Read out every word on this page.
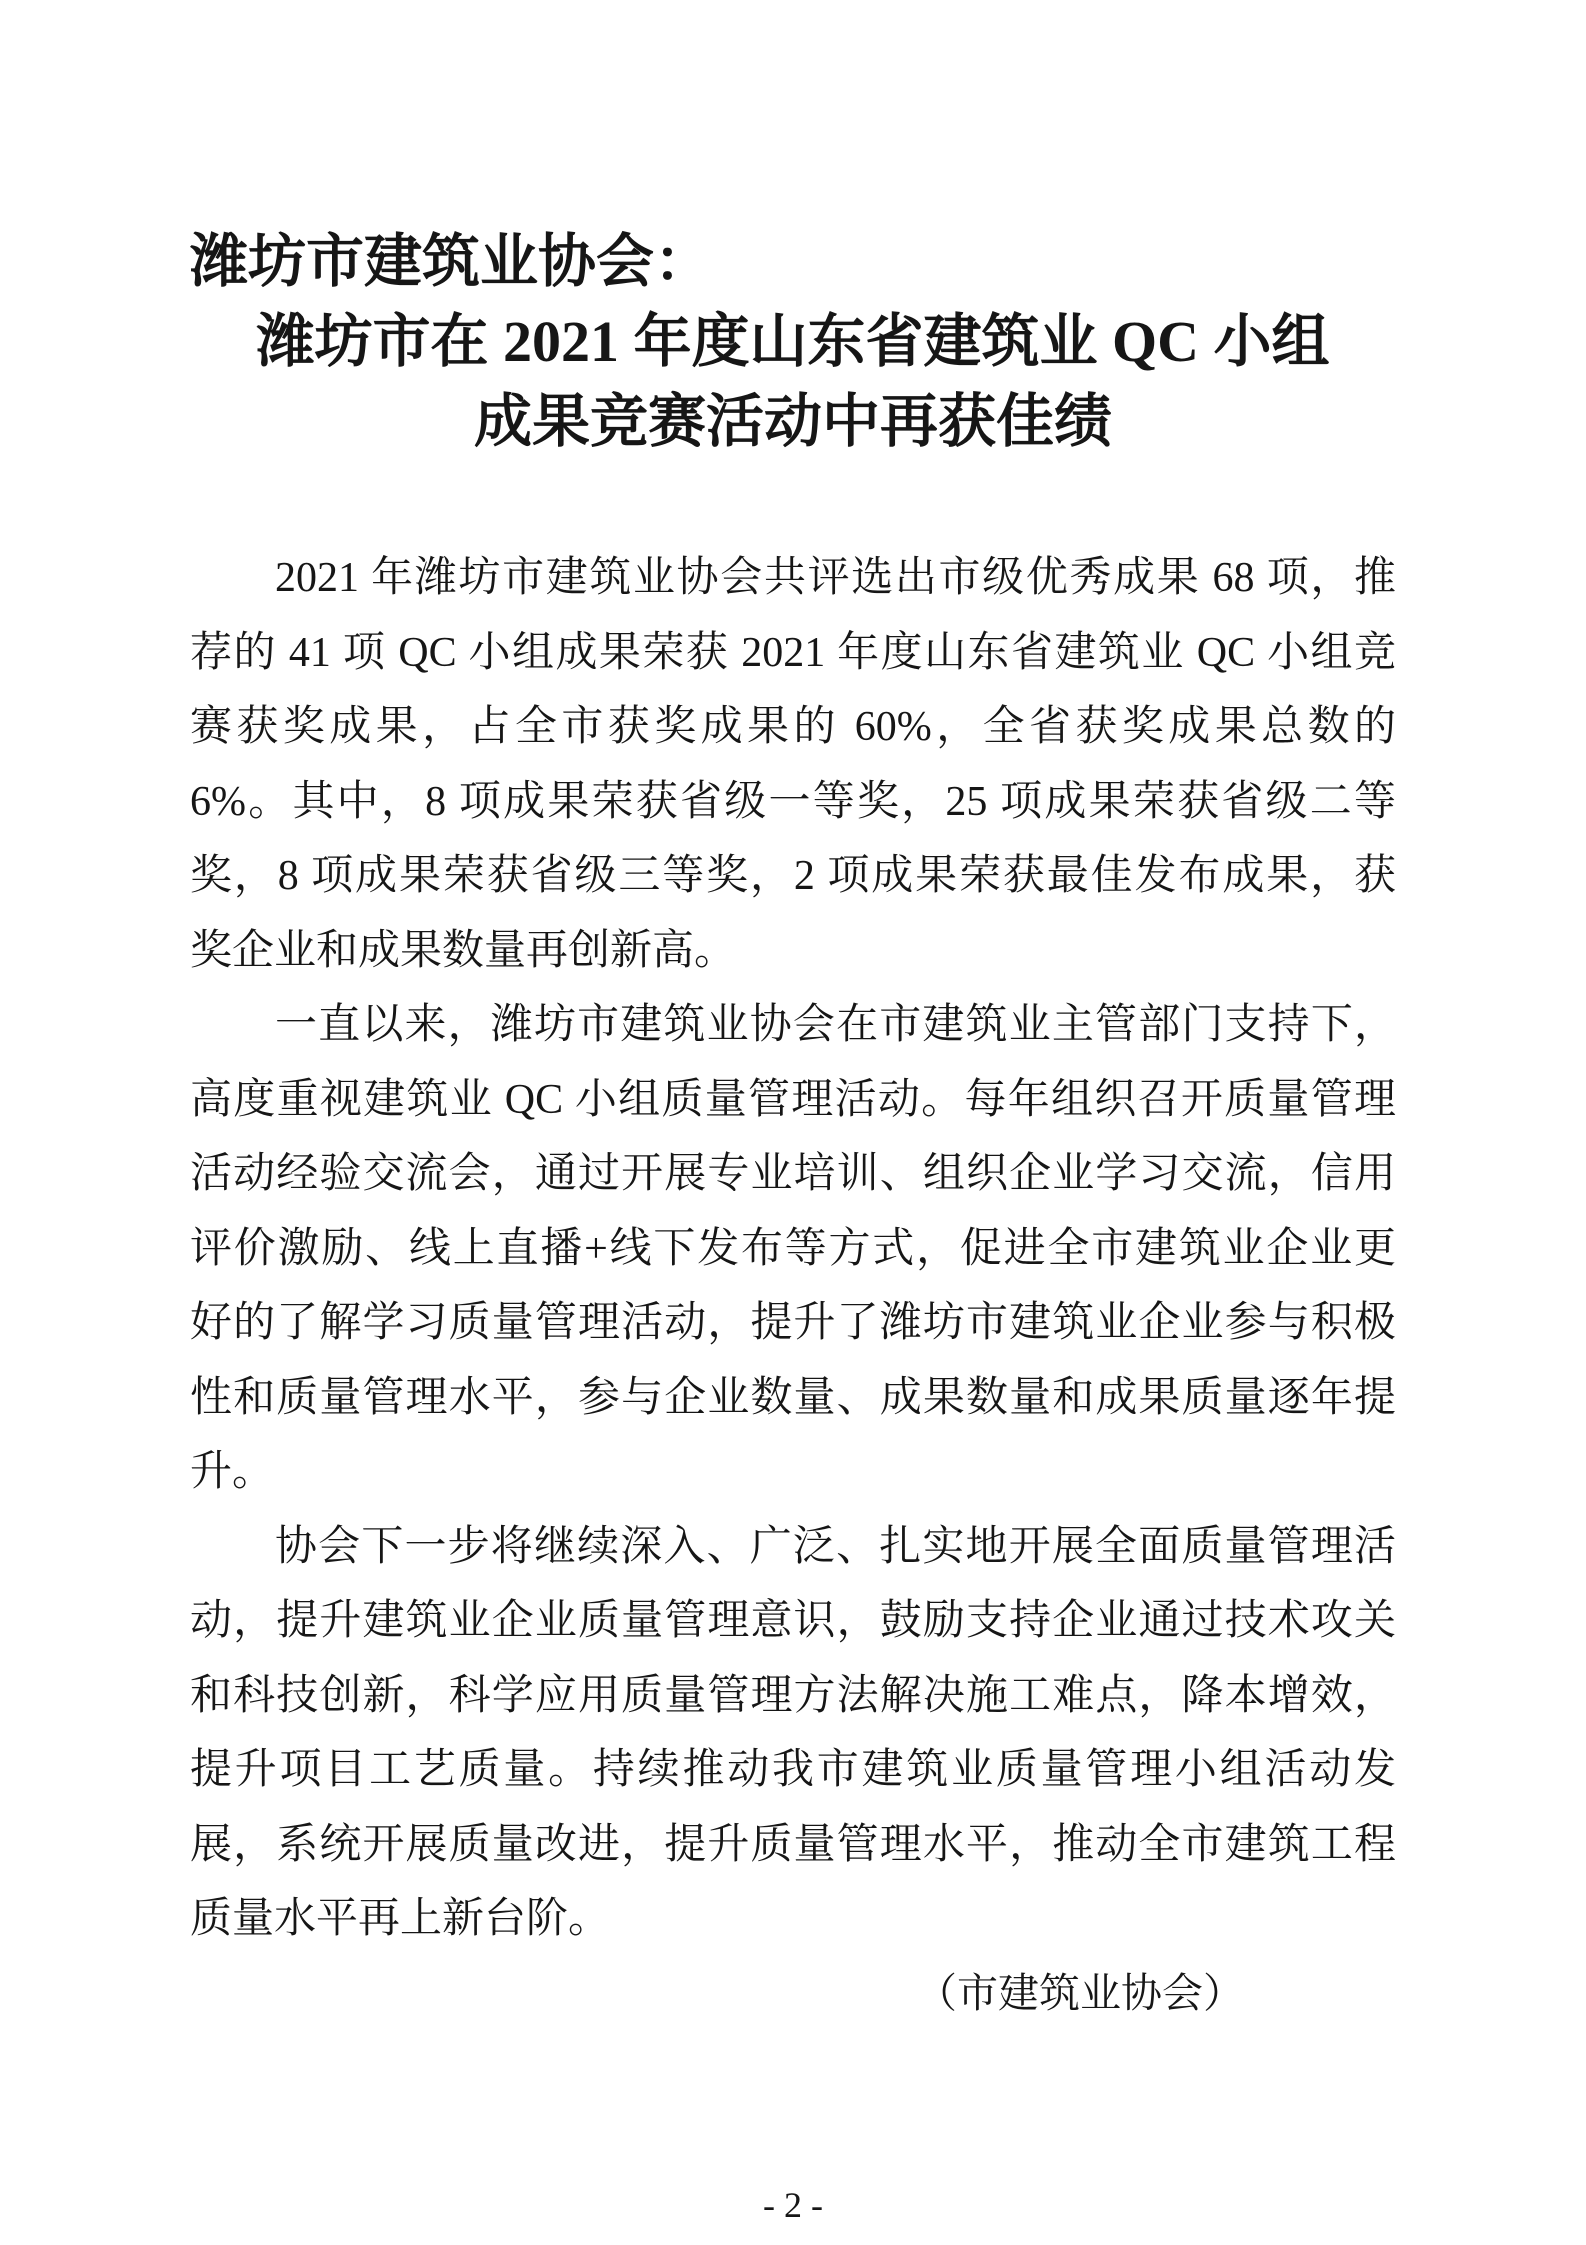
潍坊市建筑业协会：
潍坊市在 2021 年度山东省建筑业 QC 小组
成果竞赛活动中再获佳绩
2021 年潍坊市建筑业协会共评选出市级优秀成果 68 项，推
荐的 41 项 QC 小组成果荣获 2021 年度山东省建筑业 QC 小组竞
赛获奖成果，占全市获奖成果的 60%，全省获奖成果总数的
6%。其中，8 项成果荣获省级一等奖，25 项成果荣获省级二等
奖，8 项成果荣获省级三等奖，2 项成果荣获最佳发布成果，获
奖企业和成果数量再创新高。
一直以来，潍坊市建筑业协会在市建筑业主管部门支持下，
高度重视建筑业 QC 小组质量管理活动。每年组织召开质量管理
活动经验交流会，通过开展专业培训、组织企业学习交流，信用
评价激励、线上直播+线下发布等方式，促进全市建筑业企业更
好的了解学习质量管理活动，提升了潍坊市建筑业企业参与积极
性和质量管理水平，参与企业数量、成果数量和成果质量逐年提
升。
协会下一步将继续深入、广泛、扎实地开展全面质量管理活
动，提升建筑业企业质量管理意识，鼓励支持企业通过技术攻关
和科技创新，科学应用质量管理方法解决施工难点，降本增效，
提升项目工艺质量。持续推动我市建筑业质量管理小组活动发
展，系统开展质量改进，提升质量管理水平，推动全市建筑工程
质量水平再上新台阶。
（市建筑业协会）
- 2 -
